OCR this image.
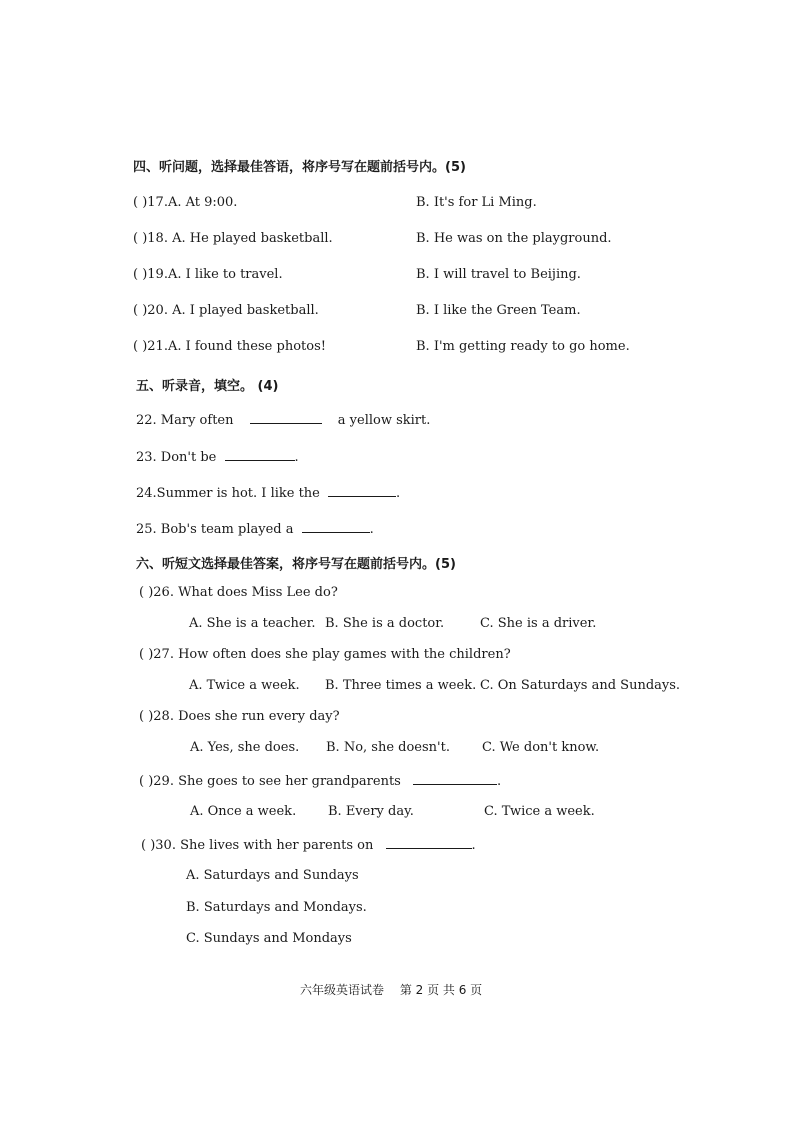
四、听问题，选择最佳答语，将序号写在题前括号内。(5)
( )17.A. At 9:00.	B. It's for Li Ming.
( )18. A. He played basketball.	B. He was on the playground.
( )19.A. I like to travel.	B. I will travel to Beijing.
( )20. A. I played basketball.	B. I like the Green Team.
( )21.A. I found these photos!	B. I'm getting ready to go home.
五、听录音，填空。 (4)
22. Mary often	a yellow skirt.
23. Don't be	.
24.Summer is hot. I like the	.
25. Bob's team played a	.
六、听短文选择最佳答案，将序号写在题前括号内。(5)
( )26. What does Miss Lee do?
A. She is a teacher. B. She is a doctor.	C. She is a driver.
( )27. How often does she play games with the children?
A. Twice a week. B. Three times a week. C. On Saturdays and Sundays.
( )28. Does she run every day?
A. Yes, she does. B. No, she doesn't. C. We don't know.
( )29. She goes to see her grandparents	.
A. Once a week. B. Every day.	C. Twice a week.
( )30. She lives with her parents on	.
A. Saturdays and Sundays
B. Saturdays and Mondays.
C. Sundays and Mondays
六年级英语试卷　 第 2 页 共 6 页
